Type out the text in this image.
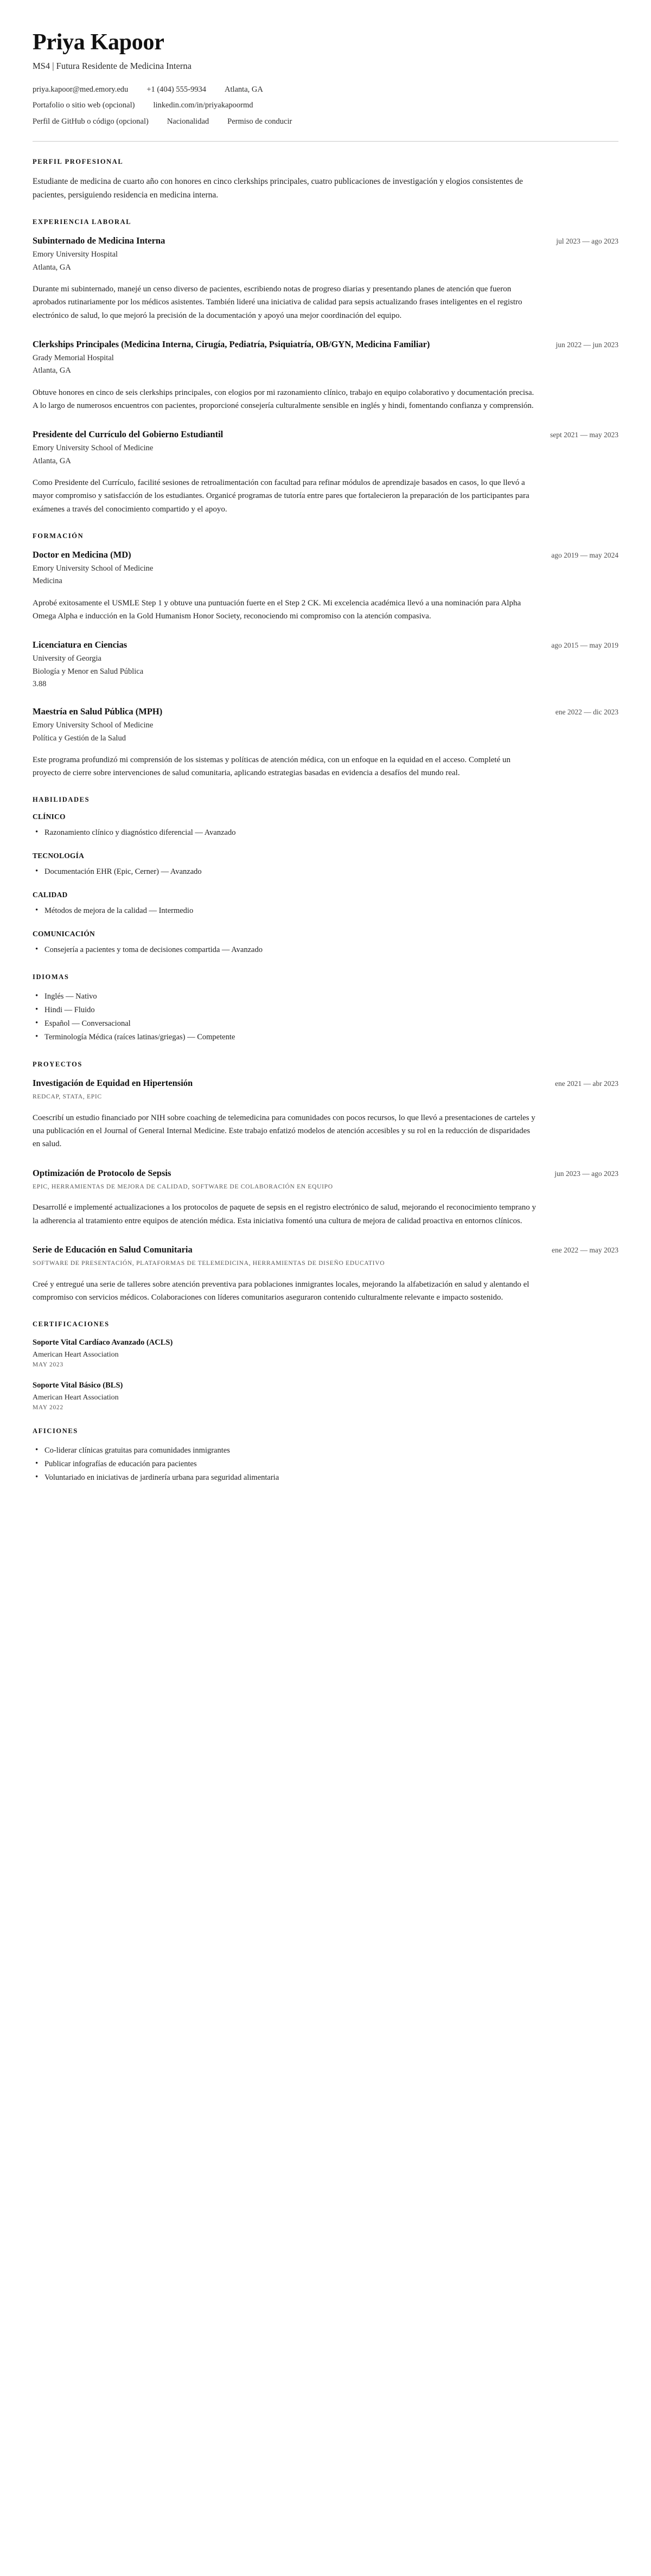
Priya Kapoor
MS4 | Futura Residente de Medicina Interna
priya.kapoor@med.emory.edu +1 (404) 555-9934 Atlanta, GA
Portafolio o sitio web (opcional) linkedin.com/in/priyakapoormd
Perfil de GitHub o código (opcional) Nacionalidad Permiso de conducir
PERFIL PROFESIONAL

Estudiante de medicina de cuarto año con honores en cinco clerkships principales, cuatro publicaciones de investigación y elogios consistentes de pacientes, persiguiendo residencia en medicina interna.

EXPERIENCIA LABORAL
Subinternado de Medicina Interna	jul 2023 — ago 2023
Emory University Hospital
Atlanta, GA
Durante mi subinternado, manejé un censo diverso de pacientes, escribiendo notas de progreso diarias y presentando planes de atención que fueron aprobados rutinariamente por los médicos asistentes. También lideré una iniciativa de calidad para sepsis actualizando frases inteligentes en el registro electrónico de salud, lo que mejoró la precisión de la documentación y apoyó una mejor coordinación del equipo.
Clerkships Principales (Medicina Interna, Cirugía, Pediatría, Psiquiatría, OB/GYN, Medicina Familiar)	jun 2022 — jun 2023
Grady Memorial Hospital
Atlanta, GA
Obtuve honores en cinco de seis clerkships principales, con elogios por mi razonamiento clínico, trabajo en equipo colaborativo y documentación precisa. A lo largo de numerosos encuentros con pacientes, proporcioné consejería culturalmente sensible en inglés y hindi, fomentando confianza y comprensión.
Presidente del Currículo del Gobierno Estudiantil	sept 2021 — may 2023
Emory University School of Medicine
Atlanta, GA
Como Presidente del Currículo, facilité sesiones de retroalimentación con facultad para refinar módulos de aprendizaje basados en casos, lo que llevó a mayor compromiso y satisfacción de los estudiantes. Organicé programas de tutoría entre pares que fortalecieron la preparación de los participantes para exámenes a través del conocimiento compartido y el apoyo.
FORMACIÓN
Doctor en Medicina (MD)	ago 2019 — may 2024
Emory University School of Medicine
Medicina
Aprobé exitosamente el USMLE Step 1 y obtuve una puntuación fuerte en el Step 2 CK. Mi excelencia académica llevó a una nominación para Alpha Omega Alpha e inducción en la Gold Humanism Honor Society, reconociendo mi compromiso con la atención compasiva.
Licenciatura en Ciencias	ago 2015 — may 2019
University of Georgia
Biología y Menor en Salud Pública
3.88
Maestría en Salud Pública (MPH)	ene 2022 — dic 2023
Emory University School of Medicine
Política y Gestión de la Salud
Este programa profundizó mi comprensión de los sistemas y políticas de atención médica, con un enfoque en la equidad en el acceso. Completé un proyecto de cierre sobre intervenciones de salud comunitaria, aplicando estrategias basadas en evidencia a desafíos del mundo real.
HABILIDADES
CLÍNICO
• Razonamiento clínico y diagnóstico diferencial — Avanzado
TECNOLOGÍA
• Documentación EHR (Epic, Cerner) — Avanzado
CALIDAD
• Métodos de mejora de la calidad — Intermedio
COMUNICACIÓN
• Consejería a pacientes y toma de decisiones compartida — Avanzado
IDIOMAS
• Inglés — Nativo
• Hindi — Fluido
• Español — Conversacional
• Terminología Médica (raíces latinas/griegas) — Competente
PROYECTOS
Investigación de Equidad en Hipertensión	ene 2021 — abr 2023
REDCAP, STATA, EPIC
Coescribí un estudio financiado por NIH sobre coaching de telemedicina para comunidades con pocos recursos, lo que llevó a presentaciones de carteles y una publicación en el Journal of General Internal Medicine. Este trabajo enfatizó modelos de atención accesibles y su rol en la reducción de disparidades en salud.
Optimización de Protocolo de Sepsis	jun 2023 — ago 2023
EPIC, HERRAMIENTAS DE MEJORA DE CALIDAD, SOFTWARE DE COLABORACIÓN EN EQUIPO
Desarrollé e implementé actualizaciones a los protocolos de paquete de sepsis en el registro electrónico de salud, mejorando el reconocimiento temprano y la adherencia al tratamiento entre equipos de atención médica. Esta iniciativa fomentó una cultura de mejora de calidad proactiva en entornos clínicos.
Serie de Educación en Salud Comunitaria	ene 2022 — may 2023
SOFTWARE DE PRESENTACIÓN, PLATAFORMAS DE TELEMEDICINA, HERRAMIENTAS DE DISEÑO EDUCATIVO
Creé y entregué una serie de talleres sobre atención preventiva para poblaciones inmigrantes locales, mejorando la alfabetización en salud y alentando el compromiso con servicios médicos. Colaboraciones con líderes comunitarios aseguraron contenido culturalmente relevante e impacto sostenido.
CERTIFICACIONES
Soporte Vital Cardíaco Avanzado (ACLS)
American Heart Association
MAY 2023
Soporte Vital Básico (BLS)
American Heart Association
MAY 2022
AFICIONES
• Co-liderar clínicas gratuitas para comunidades inmigrantes
• Publicar infografías de educación para pacientes
• Voluntariado en iniciativas de jardinería urbana para seguridad alimentaria
